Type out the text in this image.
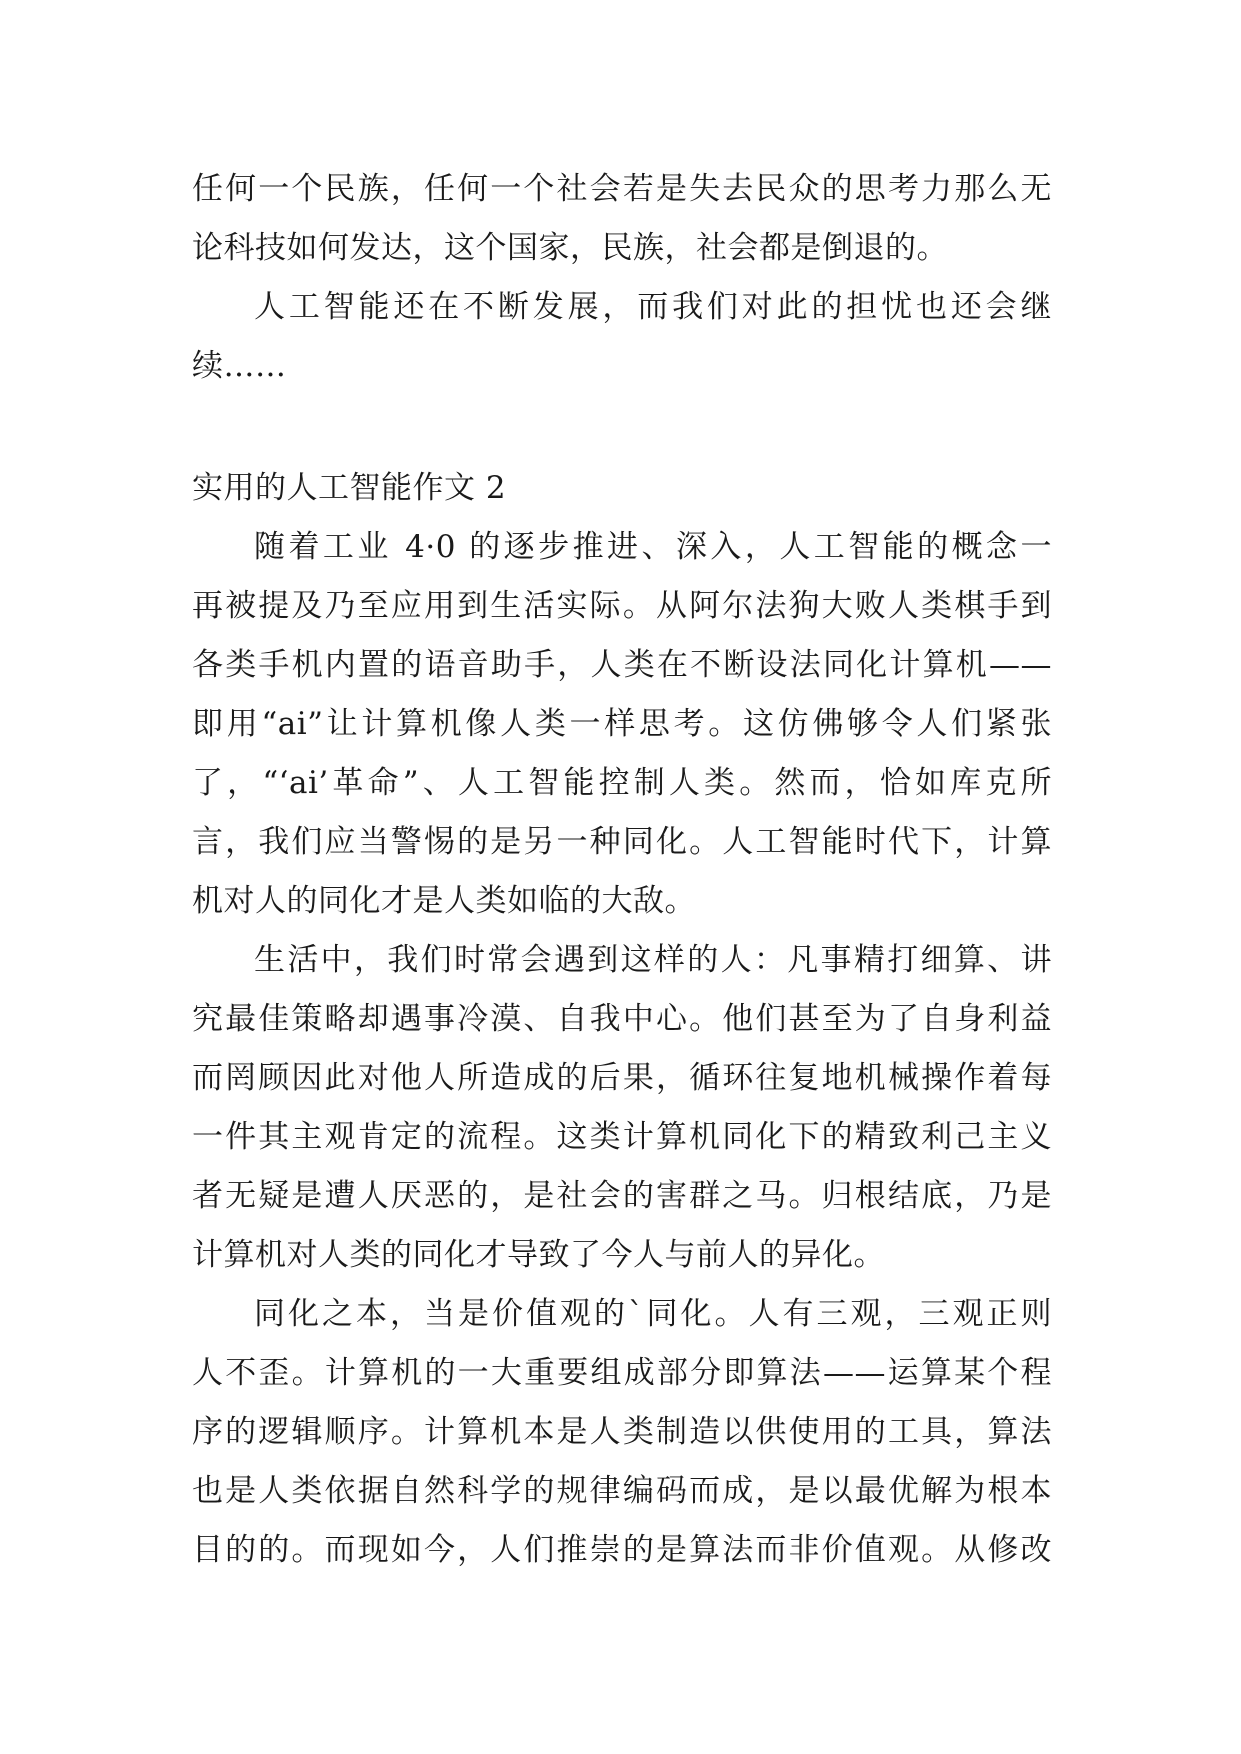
任何一个民族，任何一个社会若是失去民众的思考力那么无
论科技如何发达，这个国家，民族，社会都是倒退的。
人工智能还在不断发展，而我们对此的担忧也还会继
续……
实用的人工智能作文 2
随着工业 4·0 的逐步推进、深入，人工智能的概念一
再被提及乃至应用到生活实际。从阿尔法狗大败人类棋手到
各类手机内置的语音助手，人类在不断设法同化计算机——
即用“ai”让计算机像人类一样思考。这仿佛够令人们紧张
了，“‘ai’革命”、人工智能控制人类。然而，恰如库克所
言，我们应当警惕的是另一种同化。人工智能时代下，计算
机对人的同化才是人类如临的大敌。
生活中，我们时常会遇到这样的人：凡事精打细算、讲
究最佳策略却遇事冷漠、自我中心。他们甚至为了自身利益
而罔顾因此对他人所造成的后果，循环往复地机械操作着每
一件其主观肯定的流程。这类计算机同化下的精致利己主义
者无疑是遭人厌恶的，是社会的害群之马。归根结底，乃是
计算机对人类的同化才导致了今人与前人的异化。
同化之本，当是价值观的`同化。人有三观，三观正则
人不歪。计算机的一大重要组成部分即算法——运算某个程
序的逻辑顺序。计算机本是人类制造以供使用的工具，算法
也是人类依据自然科学的规律编码而成，是以最优解为根本
目的的。而现如今，人们推崇的是算法而非价值观。从修改
